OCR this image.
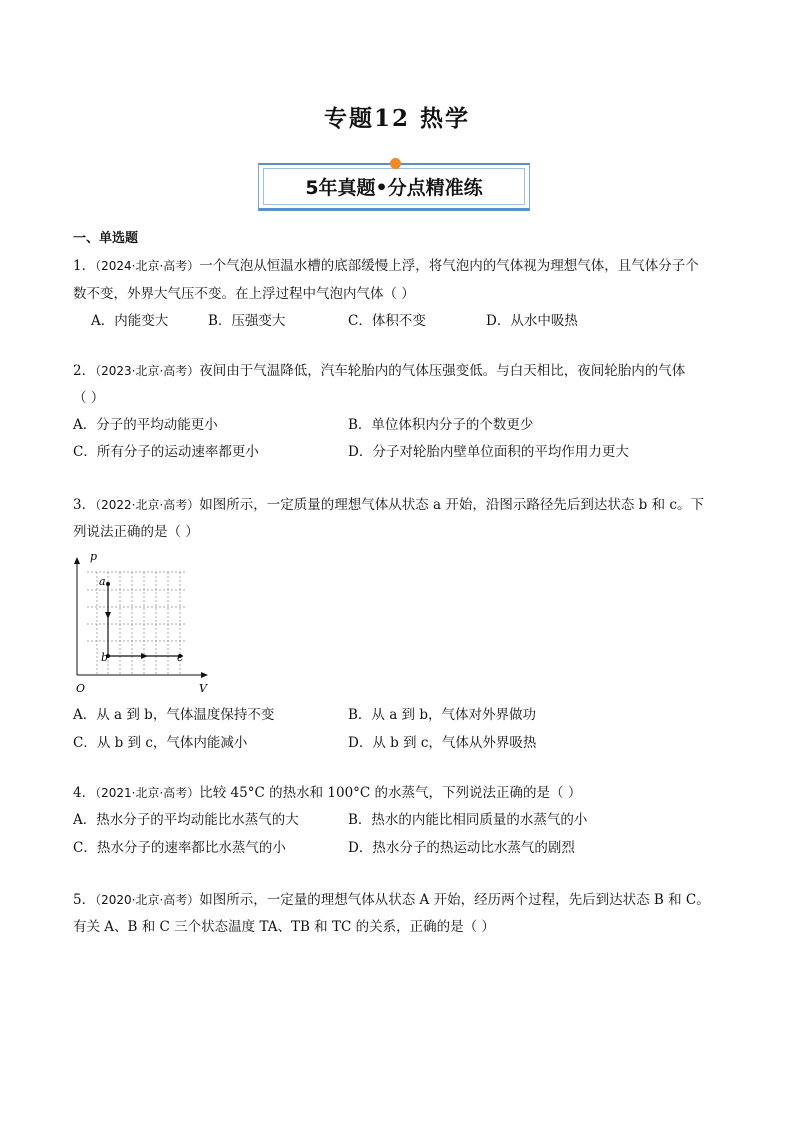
专题12 热学
5年真题•分点精准练
一、单选题
1．（2024·北京·高考）一个气泡从恒温水槽的底部缓慢上浮，将气泡内的气体视为理想气体，且气体分子个
数不变，外界大气压不变。在上浮过程中气泡内气体（ ）
A．内能变大	B．压强变大	C．体积不变	D．从水中吸热
2．（2023·北京·高考）夜间由于气温降低，汽车轮胎内的气体压强变低。与白天相比，夜间轮胎内的气体
（ ）
A．分子的平均动能更小	B．单位体积内分子的个数更少
C．所有分子的运动速率都更小	D．分子对轮胎内壁单位面积的平均作用力更大
3．（2022·北京·高考）如图所示，一定质量的理想气体从状态 a 开始，沿图示路径先后到达状态 b 和 c。下
列说法正确的是（ ）
p
V
O
a
b	c
A．从 a 到 b，气体温度保持不变	B．从 a 到 b，气体对外界做功
C．从 b 到 c，气体内能减小	D．从 b 到 c，气体从外界吸热
4．（2021·北京·高考）比较 45°C 的热水和 100°C 的水蒸气，下列说法正确的是（ ）
A．热水分子的平均动能比水蒸气的大	B．热水的内能比相同质量的水蒸气的小
C．热水分子的速率都比水蒸气的小	D．热水分子的热运动比水蒸气的剧烈
5．（2020·北京·高考）如图所示，一定量的理想气体从状态 A 开始，经历两个过程，先后到达状态 B 和 C。
有关 A、B 和 C 三个状态温度 TA、TB 和 TC 的关系，正确的是（ ）
